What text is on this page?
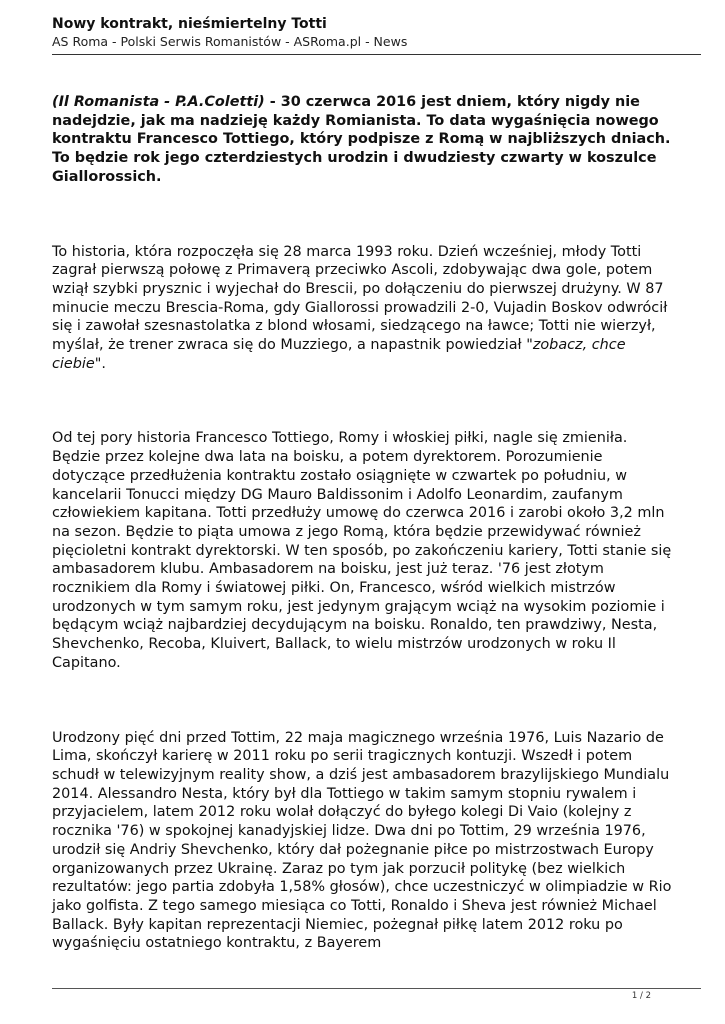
Nowy kontrakt, nieśmiertelny Totti
AS Roma - Polski Serwis Romanistów - ASRoma.pl - News

(Il Romanista - P.A.Coletti) - 30 czerwca 2016 jest dniem, który nigdy nie nadejdzie, jak ma nadzieję każdy Romianista. To data wygaśnięcia nowego kontraktu Francesco Tottiego, który podpisze z Romą w najbliższych dniach. To będzie rok jego czterdziestych urodzin i dwudziesty czwarty w koszulce Giallorossich.

To historia, która rozpoczęła się 28 marca 1993 roku. Dzień wcześniej, młody Totti zagrał pierwszą połowę z Primaverą przeciwko Ascoli, zdobywając dwa gole, potem wziął szybki prysznic i wyjechał do Brescii, po dołączeniu do pierwszej drużyny. W 87 minucie meczu Brescia-Roma, gdy Giallorossi prowadzili 2-0, Vujadin Boskov odwrócił się i zawołał szesnastolatka z blond włosami, siedzącego na ławce; Totti nie wierzył, myślał, że trener zwraca się do Muzziego, a napastnik powiedział "zobacz, chce ciebie".

Od tej pory historia Francesco Tottiego, Romy i włoskiej piłki, nagle się zmieniła. Będzie przez kolejne dwa lata na boisku, a potem dyrektorem. Porozumienie dotyczące przedłużenia kontraktu zostało osiągnięte w czwartek po południu, w kancelarii Tonucci między DG Mauro Baldissonim i Adolfo Leonardim, zaufanym człowiekiem kapitana. Totti przedłuży umowę do czerwca 2016 i zarobi około 3,2 mln na sezon. Będzie to piąta umowa z jego Romą, która będzie przewidywać również pięcioletni kontrakt dyrektorski. W ten sposób, po zakończeniu kariery, Totti stanie się ambasadorem klubu. Ambasadorem na boisku, jest już teraz. '76 jest złotym rocznikiem dla Romy i światowej piłki. On, Francesco, wśród wielkich mistrzów urodzonych w tym samym roku, jest jedynym grającym wciąż na wysokim poziomie i będącym wciąż najbardziej decydującym na boisku. Ronaldo, ten prawdziwy, Nesta, Shevchenko, Recoba, Kluivert, Ballack, to wielu mistrzów urodzonych w roku Il Capitano.

Urodzony pięć dni przed Tottim, 22 maja magicznego września 1976, Luis Nazario de Lima, skończył karierę w 2011 roku po serii tragicznych kontuzji. Wszedł i potem schudł w telewizyjnym reality show, a dziś jest ambasadorem brazylijskiego Mundialu 2014. Alessandro Nesta, który był dla Tottiego w takim samym stopniu rywalem i przyjacielem, latem 2012 roku wolał dołączyć do byłego kolegi Di Vaio (kolejny z rocznika '76) w spokojnej kanadyjskiej lidze. Dwa dni po Tottim, 29 września 1976, urodził się Andriy Shevchenko, który dał pożegnanie piłce po mistrzostwach Europy organizowanych przez Ukrainę. Zaraz po tym jak porzucił politykę (bez wielkich rezultatów: jego partia zdobyła 1,58% głosów), chce uczestniczyć w olimpiadzie w Rio jako golfista. Z tego samego miesiąca co Totti, Ronaldo i Sheva jest również Michael Ballack. Były kapitan reprezentacji Niemiec, pożegnał piłkę latem 2012 roku po wygaśnięciu ostatniego kontraktu, z Bayerem

1 / 2
